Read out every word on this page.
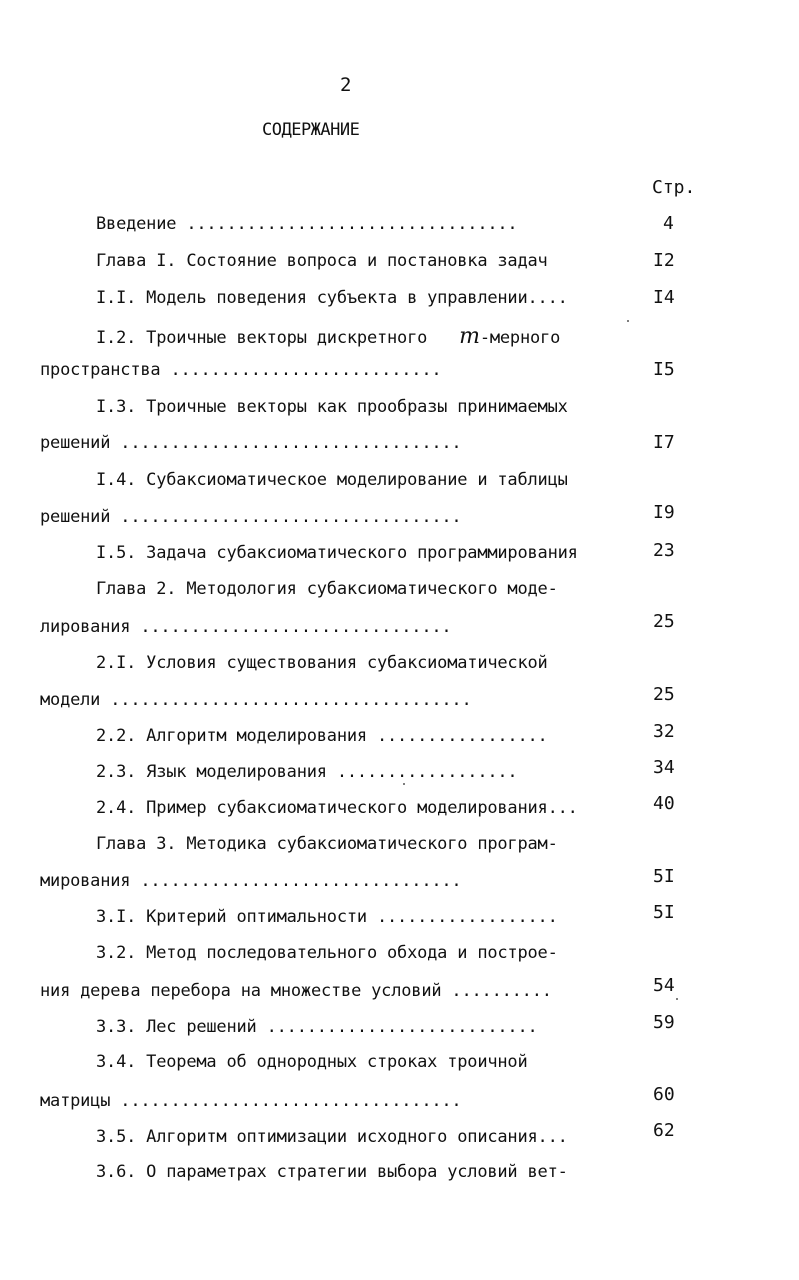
2
СОДЕРЖАНИЕ
Стр.
Введение .................................	4
Глава I. Состояние вопроса и постановка задач	I2
I.I. Модель поведения субъекта в управлении....	I4
I.2. Троичные векторы дискретного m-мерного
пространства ...........................	I5
I.3. Троичные векторы как прообразы принимаемых
решений ..................................	I7
I.4. Субаксиоматическое моделирование и таблицы
решений ..................................	I9
I.5. Задача субаксиоматического программирования	23
Глава 2. Методология субаксиоматического моде-
лирования ...............................	25
2.I. Условия существования субаксиоматической
модели ....................................	25
2.2. Алгоритм моделирования .................	32
2.3. Язык моделирования ..................	34
2.4. Пример субаксиоматического моделирования...	40
Глава 3. Методика субаксиоматического програм-
мирования ................................	5I
3.I. Критерий оптимальности ..................	5I
3.2. Метод последовательного обхода и построе-
ния дерева перебора на множестве условий ..........	54
3.3. Лес решений ...........................	59
3.4. Теорема об однородных строках троичной
матрицы ..................................	60
3.5. Алгоритм оптимизации исходного описания...	62
3.6. О параметрах стратегии выбора условий вет-
